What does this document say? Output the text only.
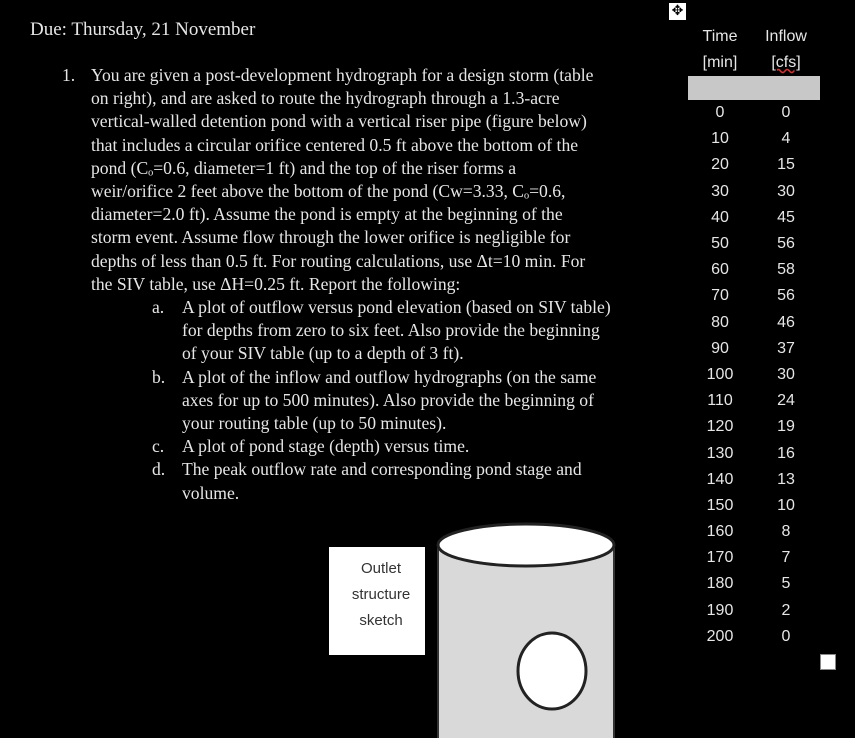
✥
Due: Thursday, 21 November
1. You are given a post-development hydrograph for a design storm (table
on right), and are asked to route the hydrograph through a 1.3-acre
vertical-walled detention pond with a vertical riser pipe (figure below)
that includes a circular orifice centered 0.5 ft above the bottom of the
pond (Cₒ=0.6, diameter=1 ft) and the top of the riser forms a
weir/orifice 2 feet above the bottom of the pond (Cw=3.33, Cₒ=0.6,
diameter=2.0 ft). Assume the pond is empty at the beginning of the
storm event. Assume flow through the lower orifice is negligible for
depths of less than 0.5 ft. For routing calculations, use Δt=10 min. For
the SIV table, use ΔH=0.25 ft. Report the following:
a. A plot of outflow versus pond elevation (based on SIV table)
for depths from zero to six feet. Also provide the beginning
of your SIV table (up to a depth of 3 ft).
b. A plot of the inflow and outflow hydrographs (on the same
axes for up to 500 minutes). Also provide the beginning of
your routing table (up to 50 minutes).
c. A plot of pond stage (depth) versus time.
d. The peak outflow rate and corresponding pond stage and
volume.
Time	Inflow
[min]	[cfs]
0	0
10	4
20	15
30	30
40	45
50	56
60	58
70	56
80	46
90	37
100	30
110	24
120	19
130	16
140	13
150	10
160	8
170	7
180	5
190	2
200	0
Outlet
structure
sketch
